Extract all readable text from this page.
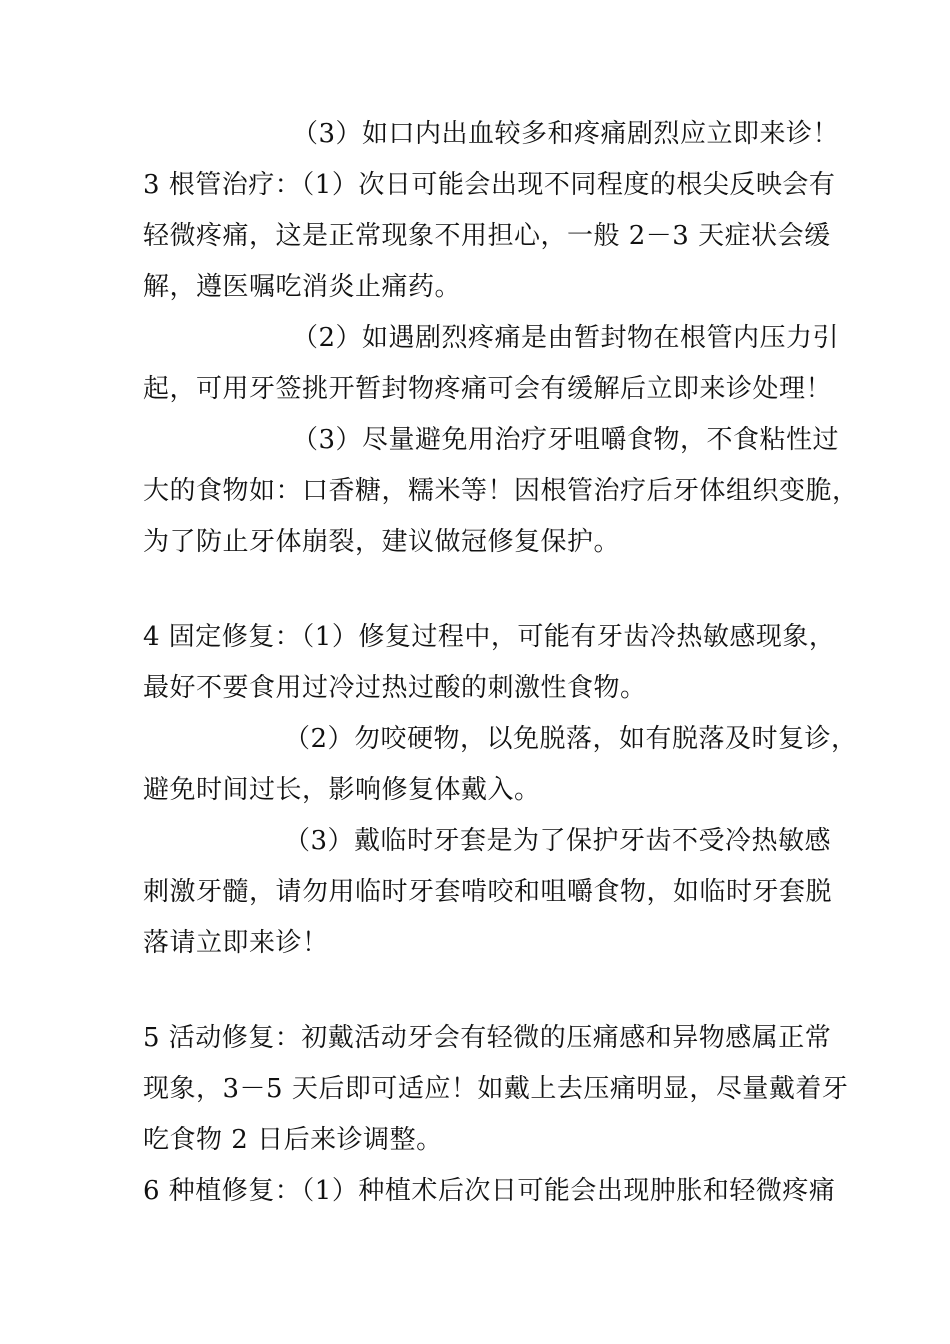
（3）如口内出血较多和疼痛剧烈应立即来诊！
3 根管治疗：（1）次日可能会出现不同程度的根尖反映会有
轻微疼痛，这是正常现象不用担心，一般 2－3 天症状会缓
解，遵医嘱吃消炎止痛药。
（2）如遇剧烈疼痛是由暂封物在根管内压力引
起，可用牙签挑开暂封物疼痛可会有缓解后立即来诊处理！
（3）尽量避免用治疗牙咀嚼食物，不食粘性过
大的食物如：口香糖，糯米等！因根管治疗后牙体组织变脆，
为了防止牙体崩裂，建议做冠修复保护。
4 固定修复：（1）修复过程中，可能有牙齿冷热敏感现象，
最好不要食用过冷过热过酸的刺激性食物。
（2）勿咬硬物，以免脱落，如有脱落及时复诊，
避免时间过长，影响修复体戴入。
（3）戴临时牙套是为了保护牙齿不受冷热敏感
刺激牙髓，请勿用临时牙套啃咬和咀嚼食物，如临时牙套脱
落请立即来诊！
5 活动修复：初戴活动牙会有轻微的压痛感和异物感属正常
现象，3－5 天后即可适应！如戴上去压痛明显，尽量戴着牙
吃食物 2 日后来诊调整。
6 种植修复：（1）种植术后次日可能会出现肿胀和轻微疼痛
